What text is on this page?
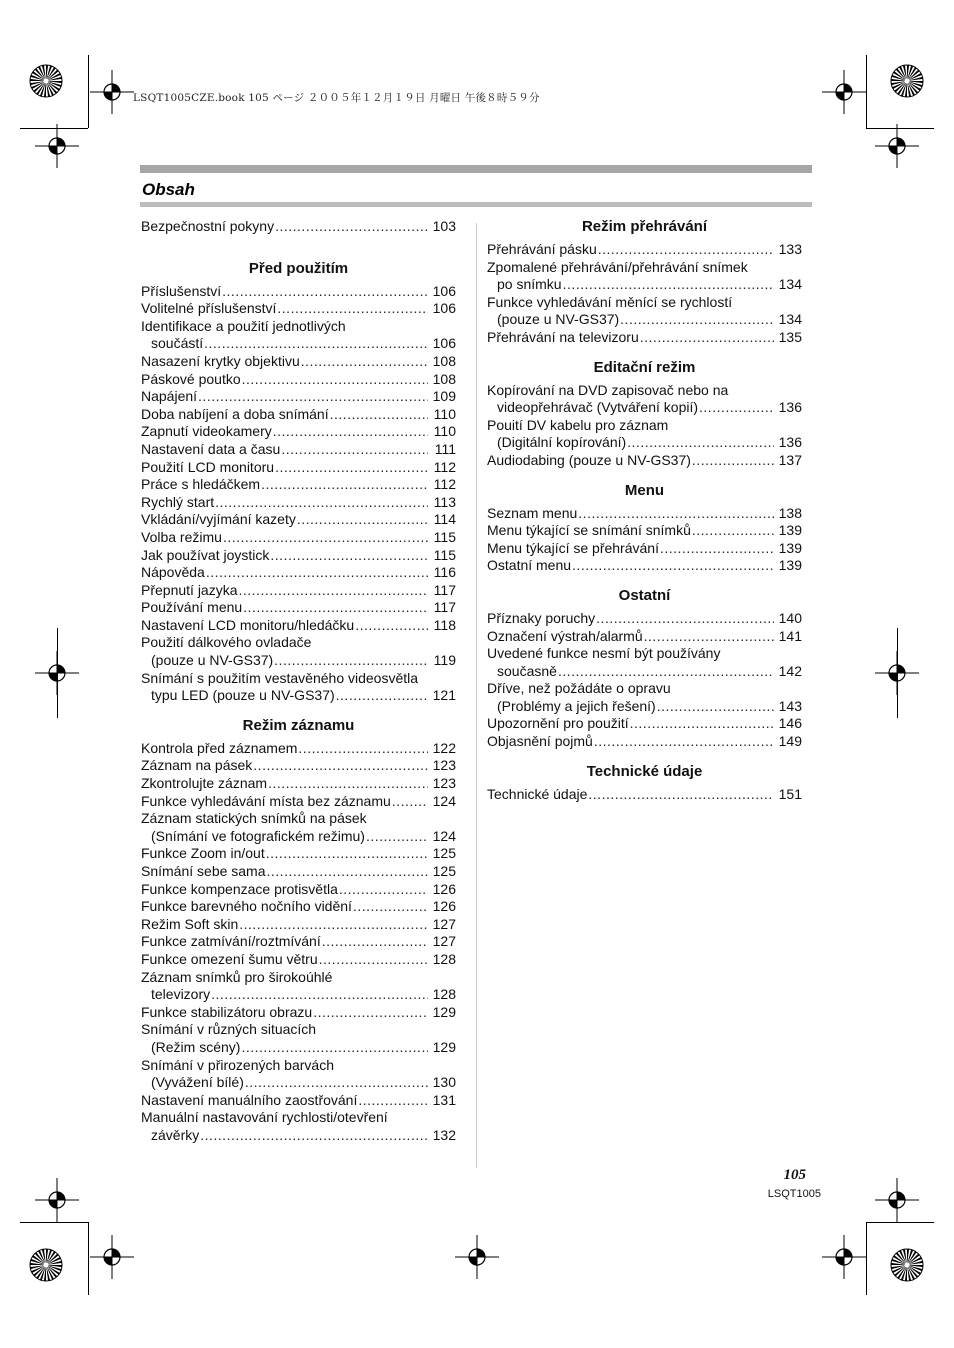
LSQT1005CZE.book 105 ページ ２００５年１２月１９日 月曜日 午後８時５９分
Obsah
Bezpečnostní pokyny .....	103
Před použitím
Příslušenství .....	106
Volitelné příslušenství .....	106
Identifikace a použití jednotlivých
součástí .....	106
Nasazení krytky objektivu .....	108
Páskové poutko .....	108
Napájení .....	109
Doba nabíjení a doba snímání .....	110
Zapnutí videokamery .....	110
Nastavení data a času .....	111
Použití LCD monitoru .....	112
Práce s hledáčkem .....	112
Rychlý start .....	113
Vkládání/vyjímání kazety .....	114
Volba režimu .....	115
Jak používat joystick .....	115
Nápověda .....	116
Přepnutí jazyka .....	117
Používání menu .....	117
Nastavení LCD monitoru/hledáčku .....	118
Použití dálkového ovladače
(pouze u NV-GS37) .....	119
Snímání s použitím vestavěného videosvětla
typu LED (pouze u NV-GS37) .....	121
Režim záznamu
Kontrola před záznamem .....	122
Záznam na pásek .....	123
Zkontrolujte záznam .....	123
Funkce vyhledávání místa bez záznamu .....	124
Záznam statických snímků na pásek
(Snímání ve fotografickém režimu) .....	124
Funkce Zoom in/out .....	125
Snímání sebe sama .....	125
Funkce kompenzace protisvětla .....	126
Funkce barevného nočního vidění .....	126
Režim Soft skin .....	127
Funkce zatmívání/roztmívání .....	127
Funkce omezení šumu větru .....	128
Záznam snímků pro širokoúhlé
televizory .....	128
Funkce stabilizátoru obrazu .....	129
Snímání v různých situacích
(Režim scény) .....	129
Snímání v přirozených barvách
(Vyvážení bílé) .....	130
Nastavení manuálního zaostřování .....	131
Manuální nastavování rychlosti/otevření
závěrky .....	132
Režim přehrávání
Přehrávání pásku .....	133
Zpomalené přehrávání/přehrávání snímek
po snímku .....	134
Funkce vyhledávání měnící se rychlostí
(pouze u NV-GS37) .....	134
Přehrávání na televizoru .....	135
Editační režim
Kopírování na DVD zapisovač nebo na
videopřehrávač (Vytváření kopií) .....	136
Pouití DV kabelu pro záznam
(Digitální kopírování) .....	136
Audiodabing (pouze u NV-GS37) .....	137
Menu
Seznam menu .....	138
Menu týkající se snímání snímků .....	139
Menu týkající se přehrávání .....	139
Ostatní menu .....	139
Ostatní
Příznaky poruchy .....	140
Označení výstrah/alarmů .....	141
Uvedené funkce nesmí být používány
současně .....	142
Dříve, než požádáte o opravu
(Problémy a jejich řešení) .....	143
Upozornění pro použití .....	146
Objasnění pojmů .....	149
Technické údaje
Technické údaje .....	151
105
LSQT1005
